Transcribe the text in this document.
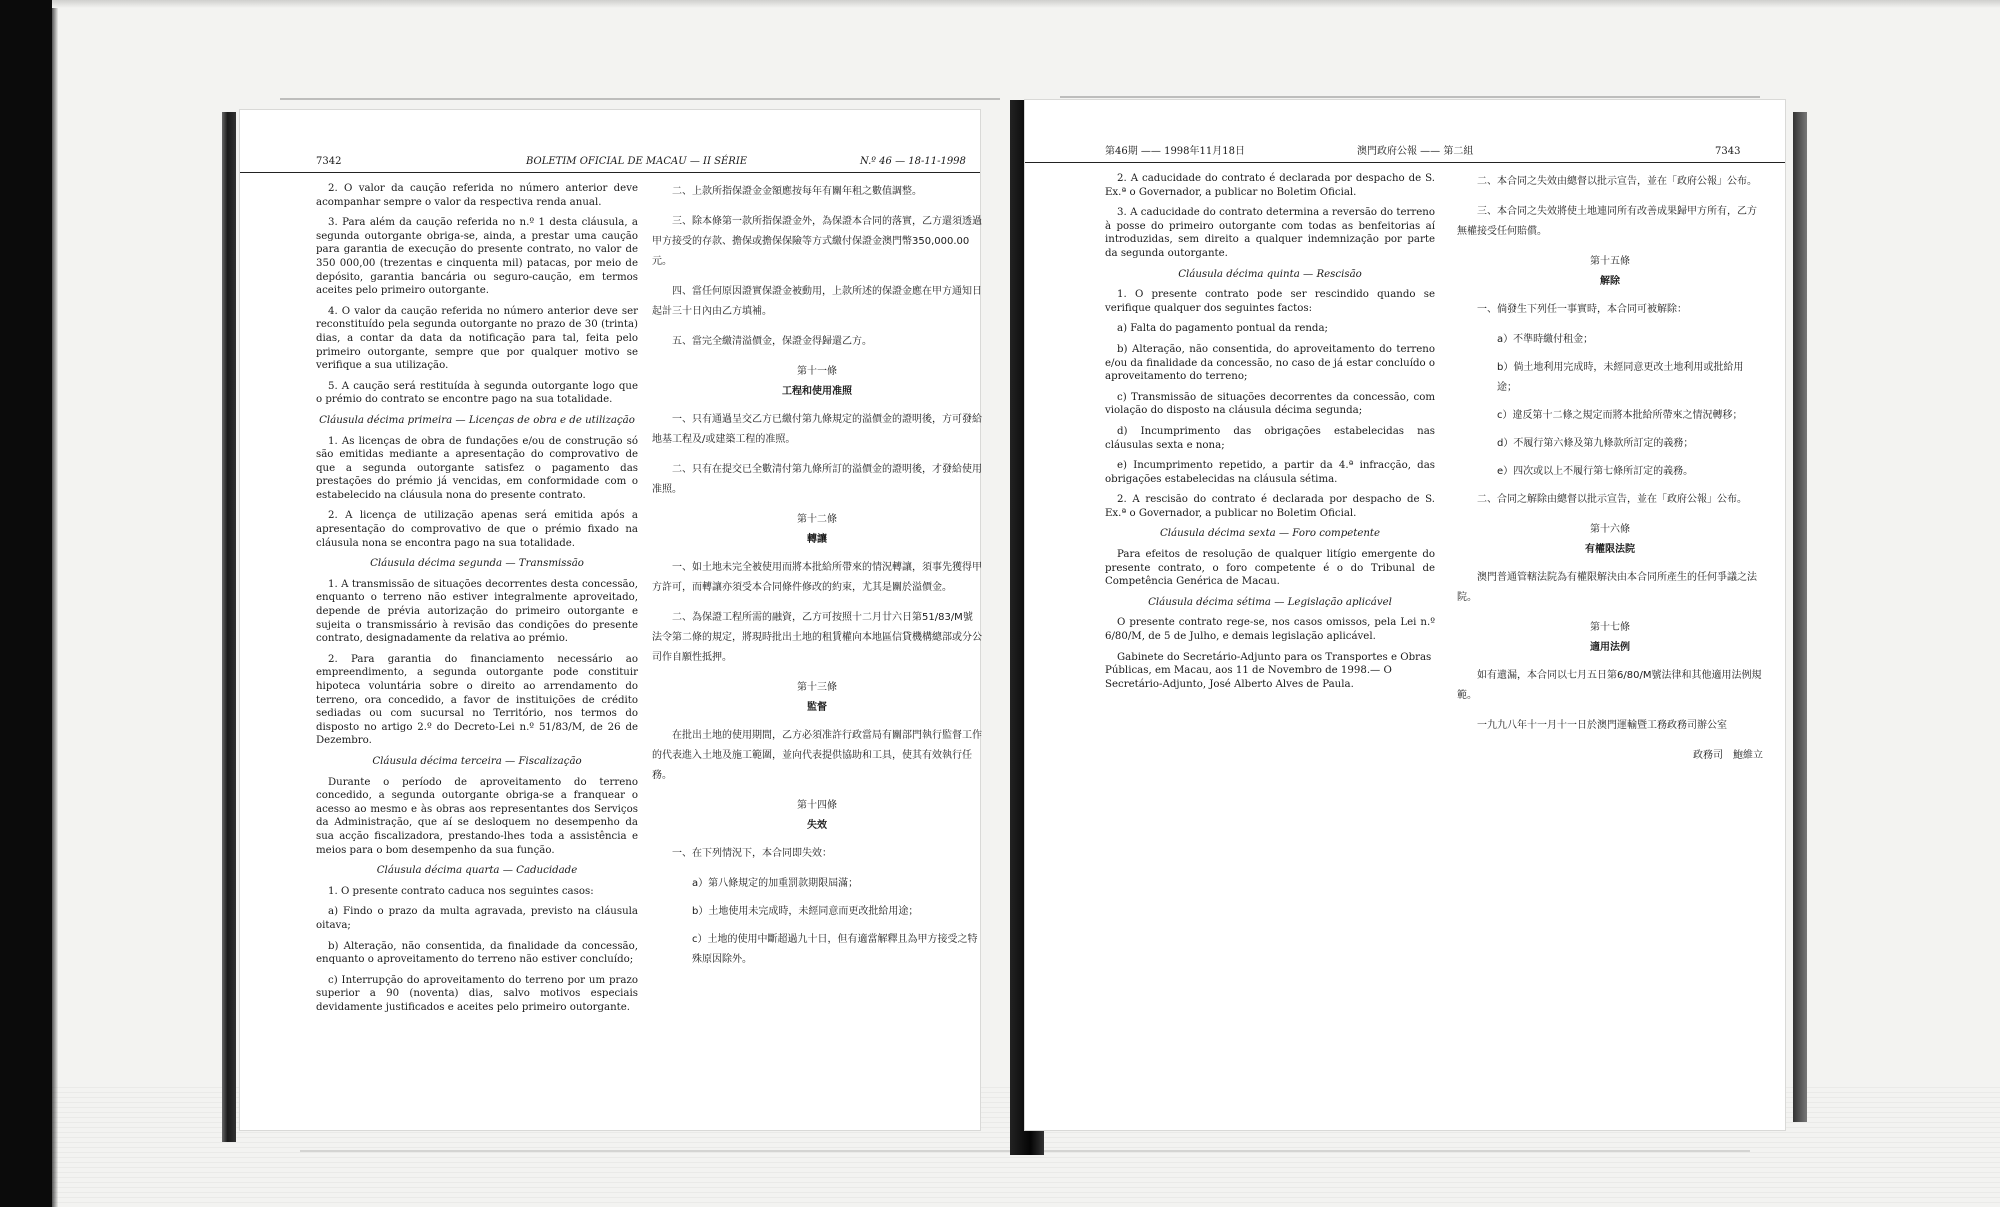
7342	BOLETIM OFICIAL DE MACAU — II SÉRIE	N.º 46 — 18-11-1998

2. O valor da caução referida no número anterior deve acompanhar sempre o valor da respectiva renda anual.

3. Para além da caução referida no n.º 1 desta cláusula, a segunda outorgante obriga-se, ainda, a prestar uma caução para garantia de execução do presente contrato, no valor de 350 000,00 (trezentas e cinquenta mil) patacas, por meio de depósito, garantia bancária ou seguro-caução, em termos aceites pelo primeiro outorgante.

4. O valor da caução referida no número anterior deve ser reconstituído pela segunda outorgante no prazo de 30 (trinta) dias, a contar da data da notificação para tal, feita pelo primeiro outorgante, sempre que por qualquer motivo se verifique a sua utilização.

5. A caução será restituída à segunda outorgante logo que o prémio do contrato se encontre pago na sua totalidade.

Cláusula décima primeira — Licenças de obra e de utilização

1. As licenças de obra de fundações e/ou de construção só são emitidas mediante a apresentação do comprovativo de que a segunda outorgante satisfez o pagamento das prestações do prémio já vencidas, em conformidade com o estabelecido na cláusula nona do presente contrato.

2. A licença de utilização apenas será emitida após a apresentação do comprovativo de que o prémio fixado na cláusula nona se encontra pago na sua totalidade.

Cláusula décima segunda — Transmissão

1. A transmissão de situações decorrentes desta concessão, enquanto o terreno não estiver integralmente aproveitado, depende de prévia autorização do primeiro outorgante e sujeita o transmissário à revisão das condições do presente contrato, designadamente da relativa ao prémio.

2. Para garantia do financiamento necessário ao empreendimento, a segunda outorgante pode constituir hipoteca voluntária sobre o direito ao arrendamento do terreno, ora concedido, a favor de instituições de crédito sediadas ou com sucursal no Território, nos termos do disposto no artigo 2.º do Decreto-Lei n.º 51/83/M, de 26 de Dezembro.

Cláusula décima terceira — Fiscalização

Durante o período de aproveitamento do terreno concedido, a segunda outorgante obriga-se a franquear o acesso ao mesmo e às obras aos representantes dos Serviços da Administração, que aí se desloquem no desempenho da sua acção fiscalizadora, prestando-lhes toda a assistência e meios para o bom desempenho da sua função.

Cláusula décima quarta — Caducidade

1. O presente contrato caduca nos seguintes casos:

a) Findo o prazo da multa agravada, previsto na cláusula oitava;

b) Alteração, não consentida, da finalidade da concessão, enquanto o aproveitamento do terreno não estiver concluído;

c) Interrupção do aproveitamento do terreno por um prazo superior a 90 (noventa) dias, salvo motivos especiais devidamente justificados e aceites pelo primeiro outorgante.

二、上款所指保證金金額應按每年有關年租之數值調整。

三、除本條第一款所指保證金外，為保證本合同的落實，乙方還須透過甲方接受的存款、擔保或擔保保險等方式繳付保證金澳門幣350,000.00元。

四、當任何原因證實保證金被動用，上款所述的保證金應在甲方通知日起計三十日內由乙方填補。

五、當完全繳清溢價金，保證金得歸還乙方。

第十一條

工程和使用准照

一、只有通過呈交乙方已繳付第九條規定的溢價金的證明後，方可發給地基工程及/或建築工程的准照。

二、只有在提交已全數清付第九條所訂的溢價金的證明後，才發給使用准照。

第十二條

轉讓

一、如土地未完全被使用而將本批給所帶來的情況轉讓，須事先獲得甲方許可，而轉讓亦須受本合同條件修改的約束，尤其是關於溢價金。

二、為保證工程所需的融資，乙方可按照十二月廿六日第51/83/M號法令第二條的規定，將現時批出土地的租賃權向本地區信貸機構總部或分公司作自願性抵押。

第十三條

監督

在批出土地的使用期間，乙方必須准許行政當局有關部門執行監督工作的代表進入土地及施工範圍，並向代表提供協助和工具，使其有效執行任務。

第十四條

失效

一、在下列情況下，本合同即失效：

a）第八條規定的加重罰款期限屆滿；

b）土地使用未完成時，未經同意而更改批給用途；

c）土地的使用中斷超過九十日，但有適當解釋且為甲方接受之特殊原因除外。

第46期 —— 1998年11月18日	澳門政府公報 —— 第二組	7343

2. A caducidade do contrato é declarada por despacho de S. Ex.ª o Governador, a publicar no Boletim Oficial.

3. A caducidade do contrato determina a reversão do terreno à posse do primeiro outorgante com todas as benfeitorias aí introduzidas, sem direito a qualquer indemnização por parte da segunda outorgante.

Cláusula décima quinta — Rescisão

1. O presente contrato pode ser rescindido quando se verifique qualquer dos seguintes factos:

a) Falta do pagamento pontual da renda;

b) Alteração, não consentida, do aproveitamento do terreno e/ou da finalidade da concessão, no caso de já estar concluído o aproveitamento do terreno;

c) Transmissão de situações decorrentes da concessão, com violação do disposto na cláusula décima segunda;

d) Incumprimento das obrigações estabelecidas nas cláusulas sexta e nona;

e) Incumprimento repetido, a partir da 4.ª infracção, das obrigações estabelecidas na cláusula sétima.

2. A rescisão do contrato é declarada por despacho de S. Ex.ª o Governador, a publicar no Boletim Oficial.

Cláusula décima sexta — Foro competente

Para efeitos de resolução de qualquer litígio emergente do presente contrato, o foro competente é o do Tribunal de Competência Genérica de Macau.

Cláusula décima sétima — Legislação aplicável

O presente contrato rege-se, nos casos omissos, pela Lei n.º 6/80/M, de 5 de Julho, e demais legislação aplicável.

Gabinete do Secretário-Adjunto para os Transportes e Obras Públicas, em Macau, aos 11 de Novembro de 1998.— O Secretário-Adjunto, José Alberto Alves de Paula.

二、本合同之失效由總督以批示宣告，並在「政府公報」公布。

三、本合同之失效將使土地連同所有改善成果歸甲方所有，乙方無權接受任何賠償。

第十五條

解除

一、倘發生下列任一事實時，本合同可被解除：

a）不準時繳付租金；

b）倘土地利用完成時，未經同意更改土地利用或批給用途；

c）違反第十二條之規定而將本批給所帶來之情況轉移；

d）不履行第六條及第九條款所訂定的義務；

e）四次或以上不履行第七條所訂定的義務。

二、合同之解除由總督以批示宣告，並在「政府公報」公布。

第十六條

有權限法院

澳門普通管轄法院為有權限解決由本合同所產生的任何爭議之法院。

第十七條

適用法例

如有遺漏，本合同以七月五日第6/80/M號法律和其他適用法例規範。

一九九八年十一月十一日於澳門運輸暨工務政務司辦公室

政務司　鮑維立
